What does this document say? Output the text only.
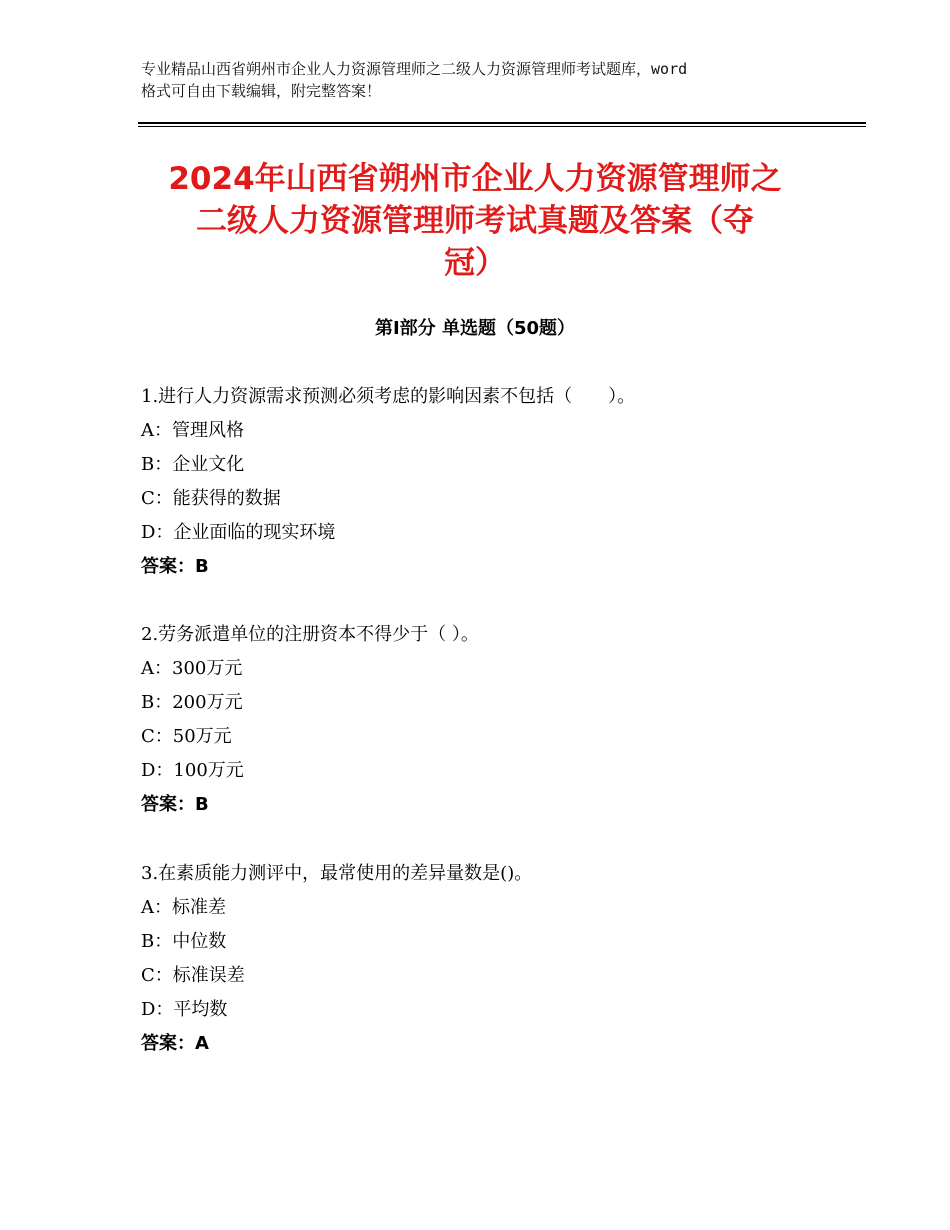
专业精品山西省朔州市企业人力资源管理师之二级人力资源管理师考试题库，word
格式可自由下载编辑，附完整答案！
2024年山西省朔州市企业人力资源管理师之
二级人力资源管理师考试真题及答案（夺
冠）
第Ⅰ部分 单选题（50题）
1.进行人力资源需求预测必须考虑的影响因素不包括（　　）。
A：管理风格
B：企业文化
C：能获得的数据
D：企业面临的现实环境
答案：B
2.劳务派遣单位的注册资本不得少于（ ）。
A：300万元
B：200万元
C：50万元
D：100万元
答案：B
3.在素质能力测评中，最常使用的差异量数是()。
A：标准差
B：中位数
C：标准误差
D：平均数
答案：A
